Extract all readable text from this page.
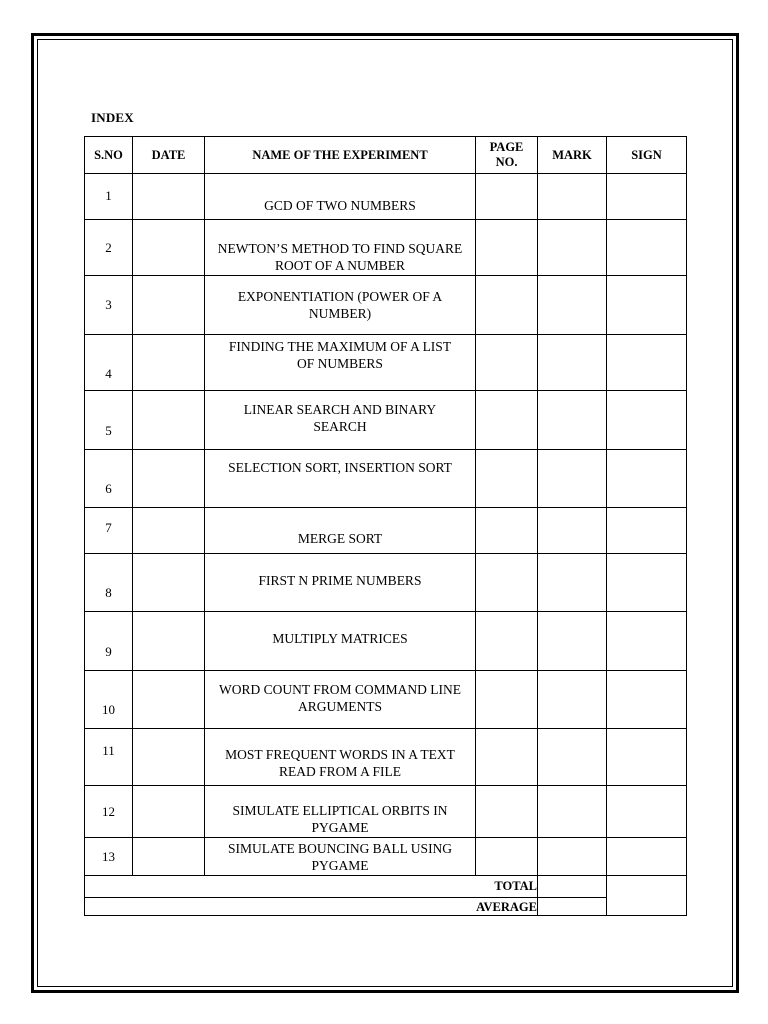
INDEX
S.NO	DATE	NAME OF THE EXPERIMENT	PAGE NO.	MARK	SIGN
1		GCD OF TWO NUMBERS			
2		NEWTON’S METHOD TO FIND SQUARE ROOT OF A NUMBER			
3		EXPONENTIATION (POWER OF A NUMBER)			
4		FINDING THE MAXIMUM OF A LIST OF NUMBERS			
5		LINEAR SEARCH AND BINARY SEARCH			
6		SELECTION SORT, INSERTION SORT			
7		MERGE SORT			
8		FIRST N PRIME NUMBERS			
9		MULTIPLY MATRICES			
10		WORD COUNT FROM COMMAND LINE ARGUMENTS			
11		MOST FREQUENT WORDS IN A TEXT READ FROM A FILE			
12		SIMULATE ELLIPTICAL ORBITS IN PYGAME			
13		SIMULATE BOUNCING BALL USING PYGAME			
TOTAL					
AVERAGE					
